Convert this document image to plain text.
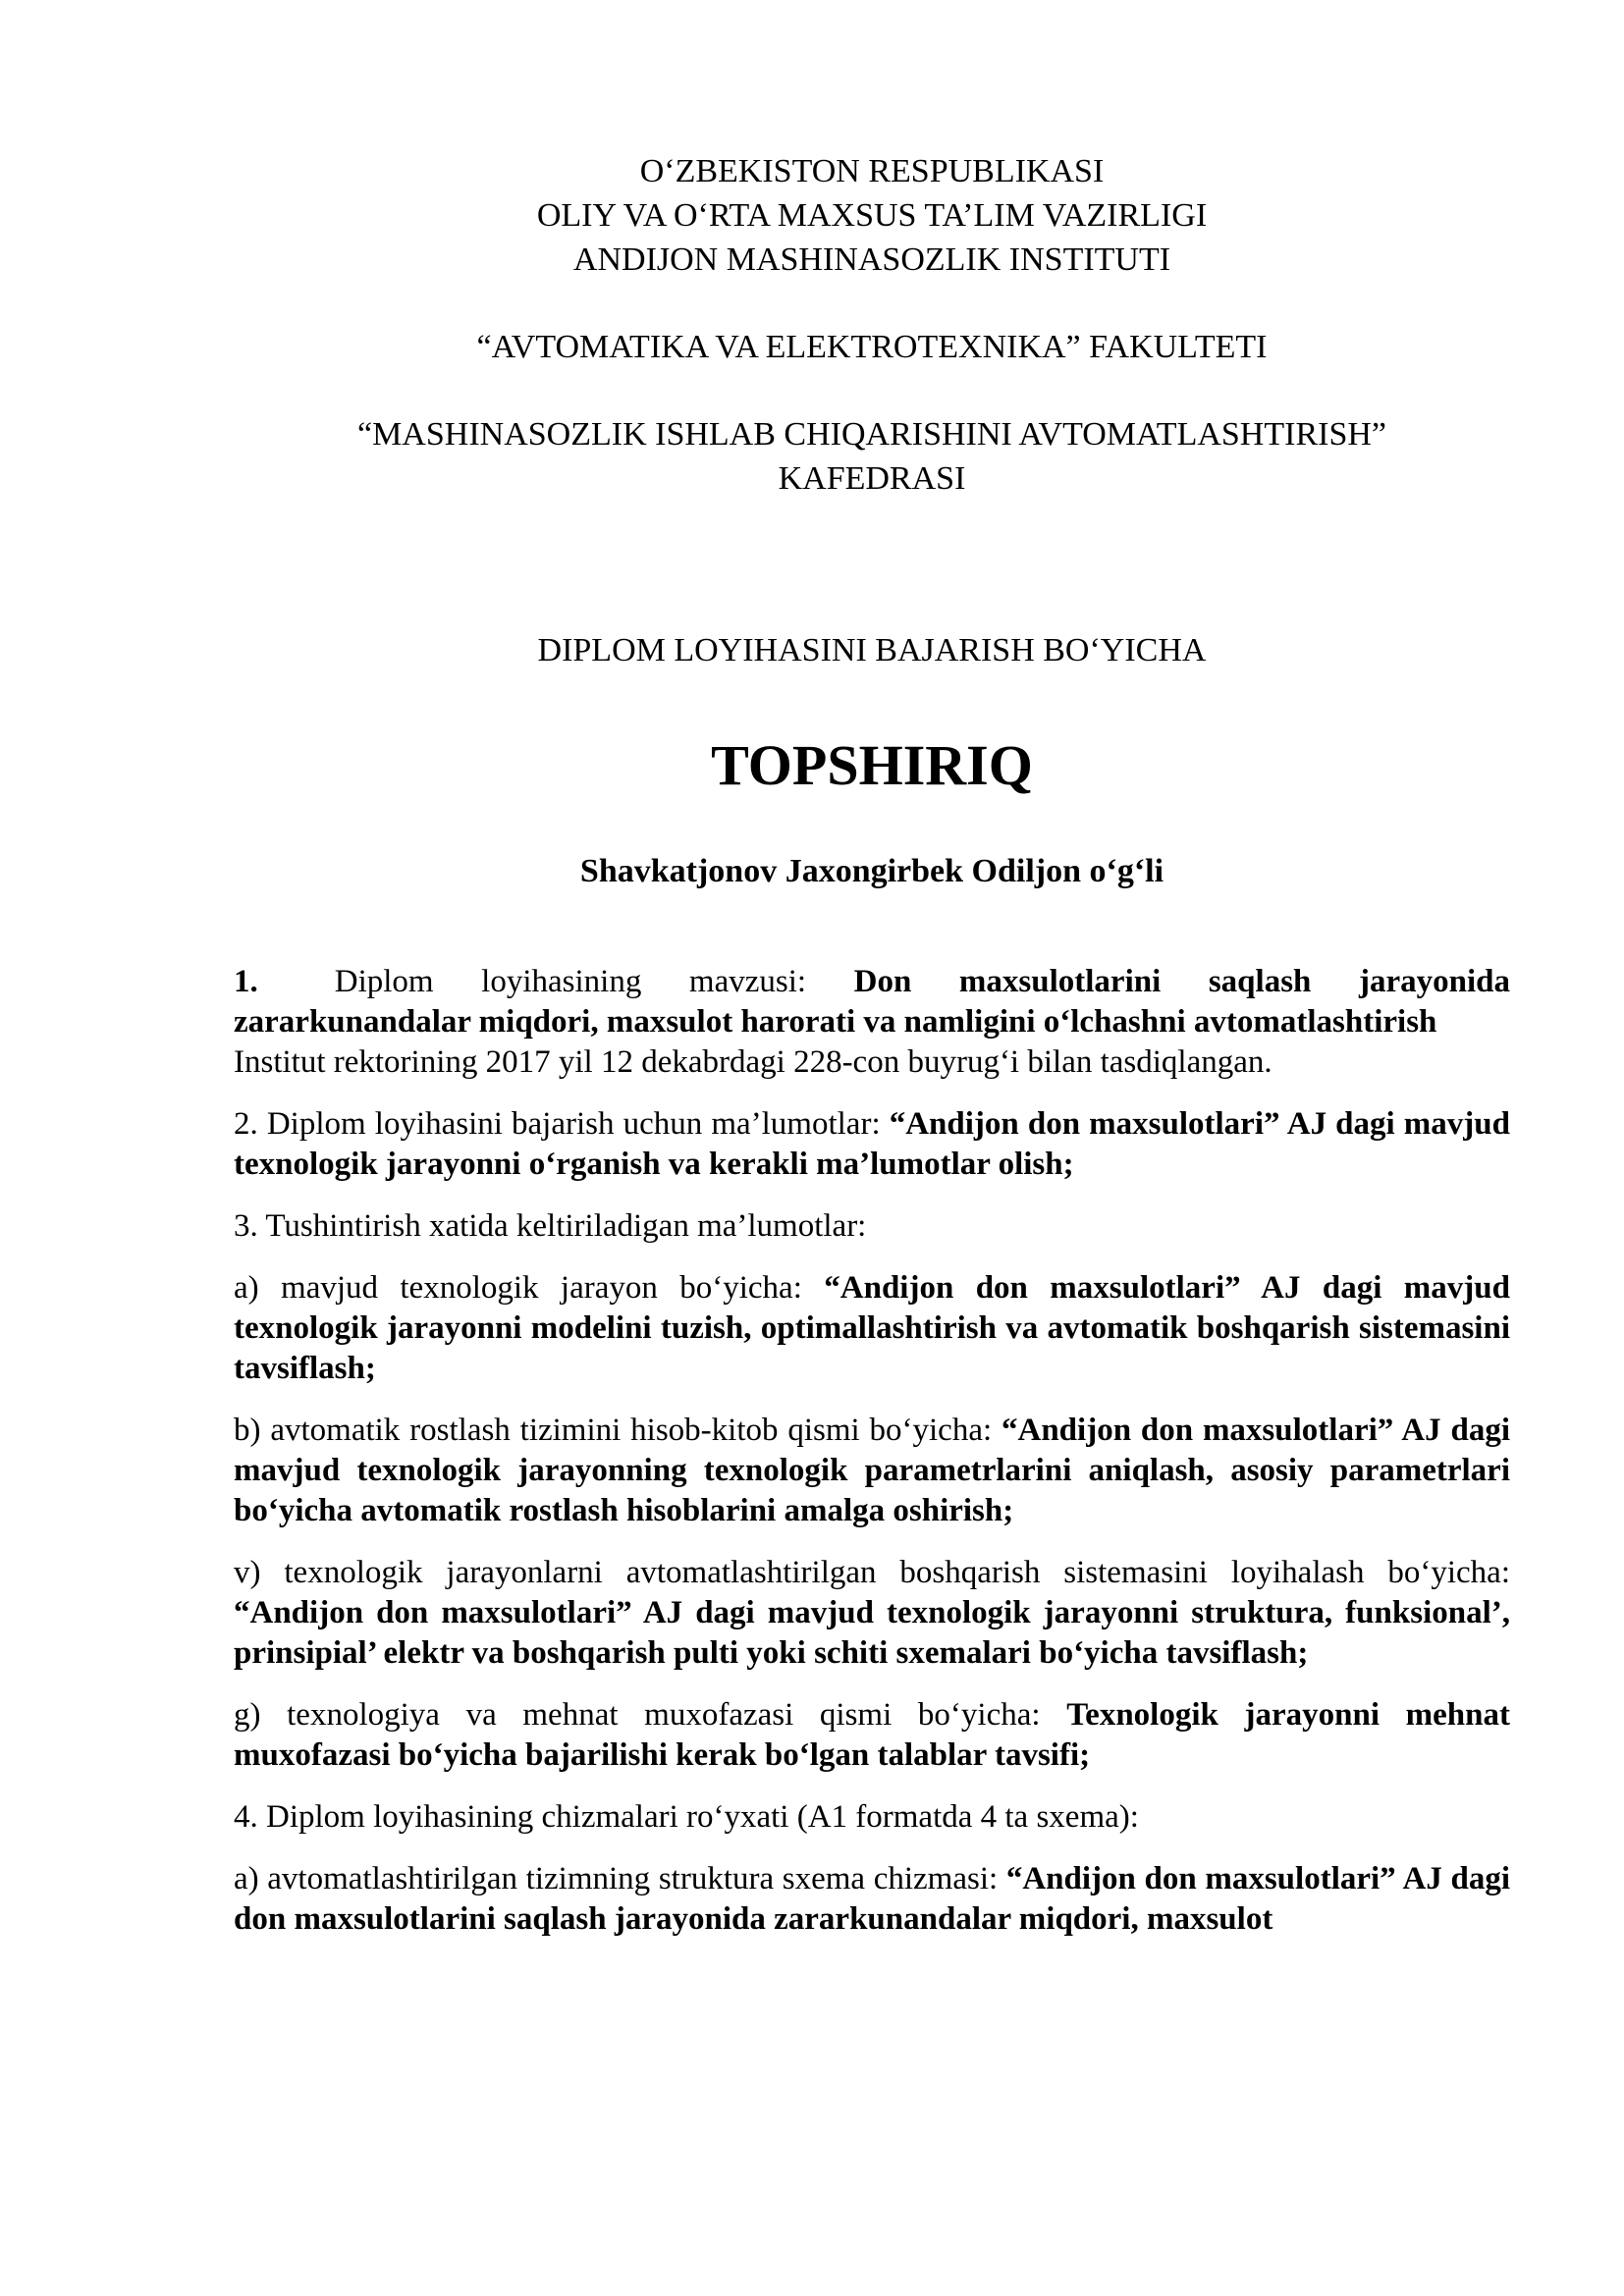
O‘ZBEKISTON RESPUBLIKASI

OLIY VA O‘RTA MAXSUS TA’LIM VAZIRLIGI

ANDIJON MASHINASOZLIK INSTITUTI

“AVTOMATIKA VA ELEKTROTEXNIKA” FAKULTETI

“MASHINASOZLIK ISHLAB CHIQARISHINI AVTOMATLASHTIRISH”

KAFEDRASI

DIPLOM LOYIHASINI BAJARISH BO‘YICHA

TOPSHIRIQ

Shavkatjonov Jaxongirbek Odiljon o‘g‘li

1. Diplom loyihasining mavzusi: Don maxsulotlarini saqlash jarayonida zararkunandalar miqdori, maxsulot harorati va namligini o‘lchashni avtomatlashtirish

Institut rektorining 2017 yil 12 dekabrdagi 228-con buyrug‘i bilan tasdiqlangan.

2. Diplom loyihasini bajarish uchun ma’lumotlar: “Andijon don maxsulotlari” AJ dagi mavjud texnologik jarayonni o‘rganish va kerakli ma’lumotlar olish;

3. Tushintirish xatida keltiriladigan ma’lumotlar:

a) mavjud texnologik jarayon bo‘yicha: “Andijon don maxsulotlari” AJ dagi mavjud texnologik jarayonni modelini tuzish, optimallashtirish va avtomatik boshqarish sistemasini tavsiflash;

b) avtomatik rostlash tizimini hisob-kitob qismi bo‘yicha: “Andijon don maxsulotlari” AJ dagi mavjud texnologik jarayonning texnologik parametrlarini aniqlash, asosiy parametrlari bo‘yicha avtomatik rostlash hisoblarini amalga oshirish;

v) texnologik jarayonlarni avtomatlashtirilgan boshqarish sistemasini loyihalash bo‘yicha: “Andijon don maxsulotlari” AJ dagi mavjud texnologik jarayonni struktura, funksional’, prinsipial’ elektr va boshqarish pulti yoki schiti sxemalari bo‘yicha tavsiflash;

g) texnologiya va mehnat muxofazasi qismi bo‘yicha: Texnologik jarayonni mehnat muxofazasi bo‘yicha bajarilishi kerak bo‘lgan talablar tavsifi;

4. Diplom loyihasining chizmalari ro‘yxati (A1 formatda 4 ta sxema):

a) avtomatlashtirilgan tizimning struktura sxema chizmasi: “Andijon don maxsulotlari” AJ dagi don maxsulotlarini saqlash jarayonida zararkunandalar miqdori, maxsulot
